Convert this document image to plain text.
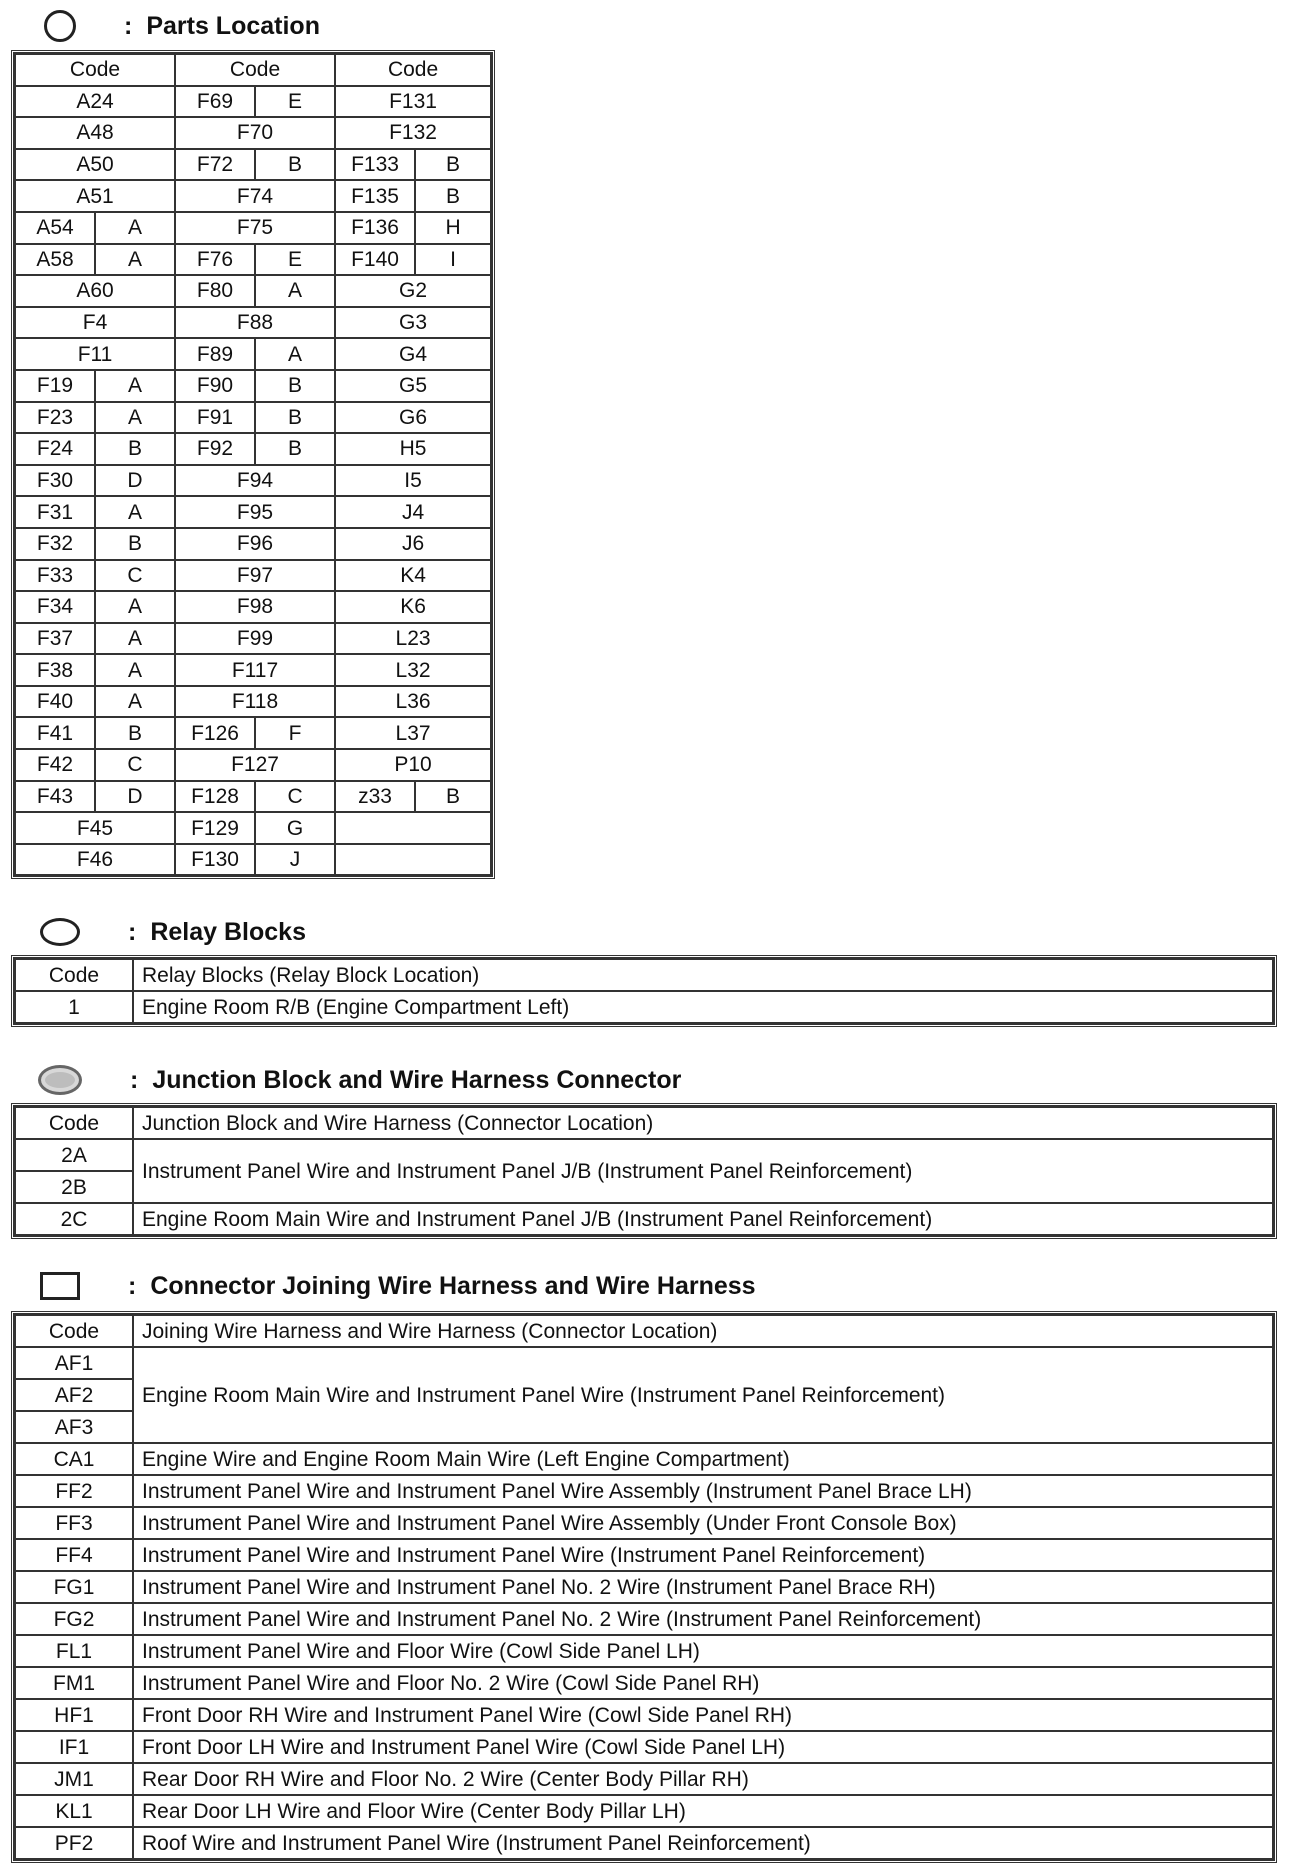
: Parts Location
Code		Code		Code	
A24		F69	E	F131	
A48		F70		F132	
A50		F72	B	F133	B
A51		F74		F135	B
A54	A	F75		F136	H
A58	A	F76	E	F140	I
A60		F80	A	G2	
F4		F88		G3	
F11		F89	A	G4	
F19	A	F90	B	G5	
F23	A	F91	B	G6	
F24	B	F92	B	H5	
F30	D	F94		I5	
F31	A	F95		J4	
F32	B	F96		J6	
F33	C	F97		K4	
F34	A	F98		K6	
F37	A	F99		L23	
F38	A	F117		L32	
F40	A	F118		L36	
F41	B	F126	F	L37	
F42	C	F127		P10	
F43	D	F128	C	z33	B
F45		F129	G		
F46		F130	J		
: Relay Blocks
Code	Relay Blocks (Relay Block Location)
1	Engine Room R/B (Engine Compartment Left)
: Junction Block and Wire Harness Connector
Code	Junction Block and Wire Harness (Connector Location)
2A	Instrument Panel Wire and Instrument Panel J/B (Instrument Panel Reinforcement)
2B	
2C	Engine Room Main Wire and Instrument Panel J/B (Instrument Panel Reinforcement)
: Connector Joining Wire Harness and Wire Harness
Code	Joining Wire Harness and Wire Harness (Connector Location)
AF1	Engine Room Main Wire and Instrument Panel Wire (Instrument Panel Reinforcement)
AF2	
AF3	
CA1	Engine Wire and Engine Room Main Wire (Left Engine Compartment)
FF2	Instrument Panel Wire and Instrument Panel Wire Assembly (Instrument Panel Brace LH)
FF3	Instrument Panel Wire and Instrument Panel Wire Assembly (Under Front Console Box)
FF4	Instrument Panel Wire and Instrument Panel Wire (Instrument Panel Reinforcement)
FG1	Instrument Panel Wire and Instrument Panel No. 2 Wire (Instrument Panel Brace RH)
FG2	Instrument Panel Wire and Instrument Panel No. 2 Wire (Instrument Panel Reinforcement)
FL1	Instrument Panel Wire and Floor Wire (Cowl Side Panel LH)
FM1	Instrument Panel Wire and Floor No. 2 Wire (Cowl Side Panel RH)
HF1	Front Door RH Wire and Instrument Panel Wire (Cowl Side Panel RH)
IF1	Front Door LH Wire and Instrument Panel Wire (Cowl Side Panel LH)
JM1	Rear Door RH Wire and Floor No. 2 Wire (Center Body Pillar RH)
KL1	Rear Door LH Wire and Floor Wire (Center Body Pillar LH)
PF2	Roof Wire and Instrument Panel Wire (Instrument Panel Reinforcement)
